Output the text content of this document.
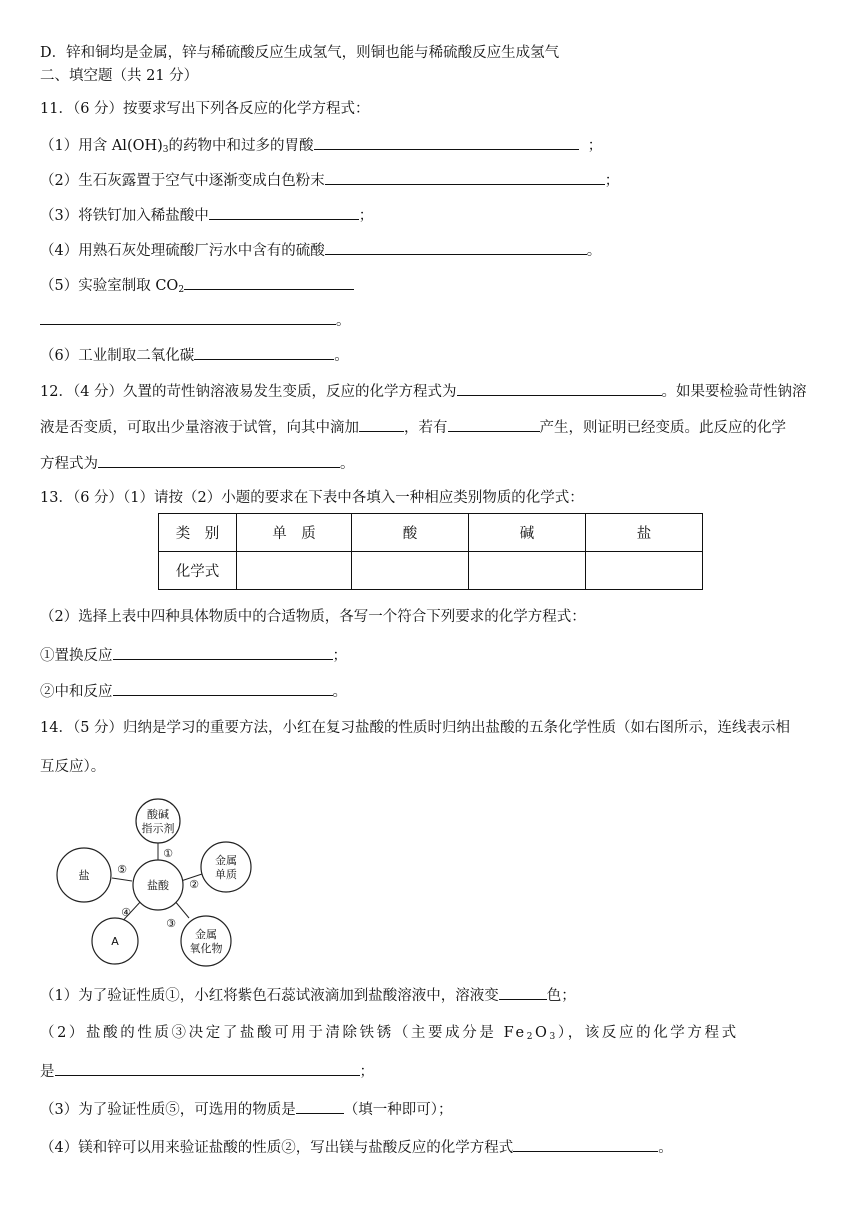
D．锌和铜均是金属，锌与稀硫酸反应生成氢气，则铜也能与稀硫酸反应生成氢气
二、填空题（共 21 分）
11．（6 分）按要求写出下列各反应的化学方程式：
（1）用含 $Al(OH)_3$的药物中和过多的胃酸	；
（2）生石灰露置于空气中逐渐变成白色粉末	；
（3）将铁钉加入稀盐酸中	；
（4）用熟石灰处理硫酸厂污水中含有的硫酸	。
（5）实验室制取 $CO_2$
。
（6）工业制取二氧化碳	。
12．（4 分）久置的苛性钠溶液易发生变质，反应的化学方程式为	。如果要检验苛性钠溶
液是否变质，可取出少量溶液于试管，向其中滴加	，若有	产生，则证明已经变质。此反应的化学
方程式为	。
13．（6 分）（1）请按（2）小题的要求在下表中各填入一种相应类别物质的化学式：
类　别	单　质	酸	碱	盐
化学式				
（2）选择上表中四种具体物质中的合适物质，各写一个符合下列要求的化学方程式：
①置换反应	；
②中和反应	。
14．（5 分）归纳是学习的重要方法，小红在复习盐酸的性质时归纳出盐酸的五条化学性质（如右图所示，连线表示相
互反应）。
酸碱
指示剂
盐酸
金属
单质
金属
氧化物
盐
A
①
②
③
④
⑤
（1）为了验证性质①，小红将紫色石蕊试液滴加到盐酸溶液中，溶液变	色；
（2）盐酸的性质③决定了盐酸可用于清除铁锈（主要成分是 $Fe_2O_3$），该反应的化学方程式
是	；
（3）为了验证性质⑤，可选用的物质是	（填一种即可）；
（4）镁和锌可以用来验证盐酸的性质②，写出镁与盐酸反应的化学方程式	。
